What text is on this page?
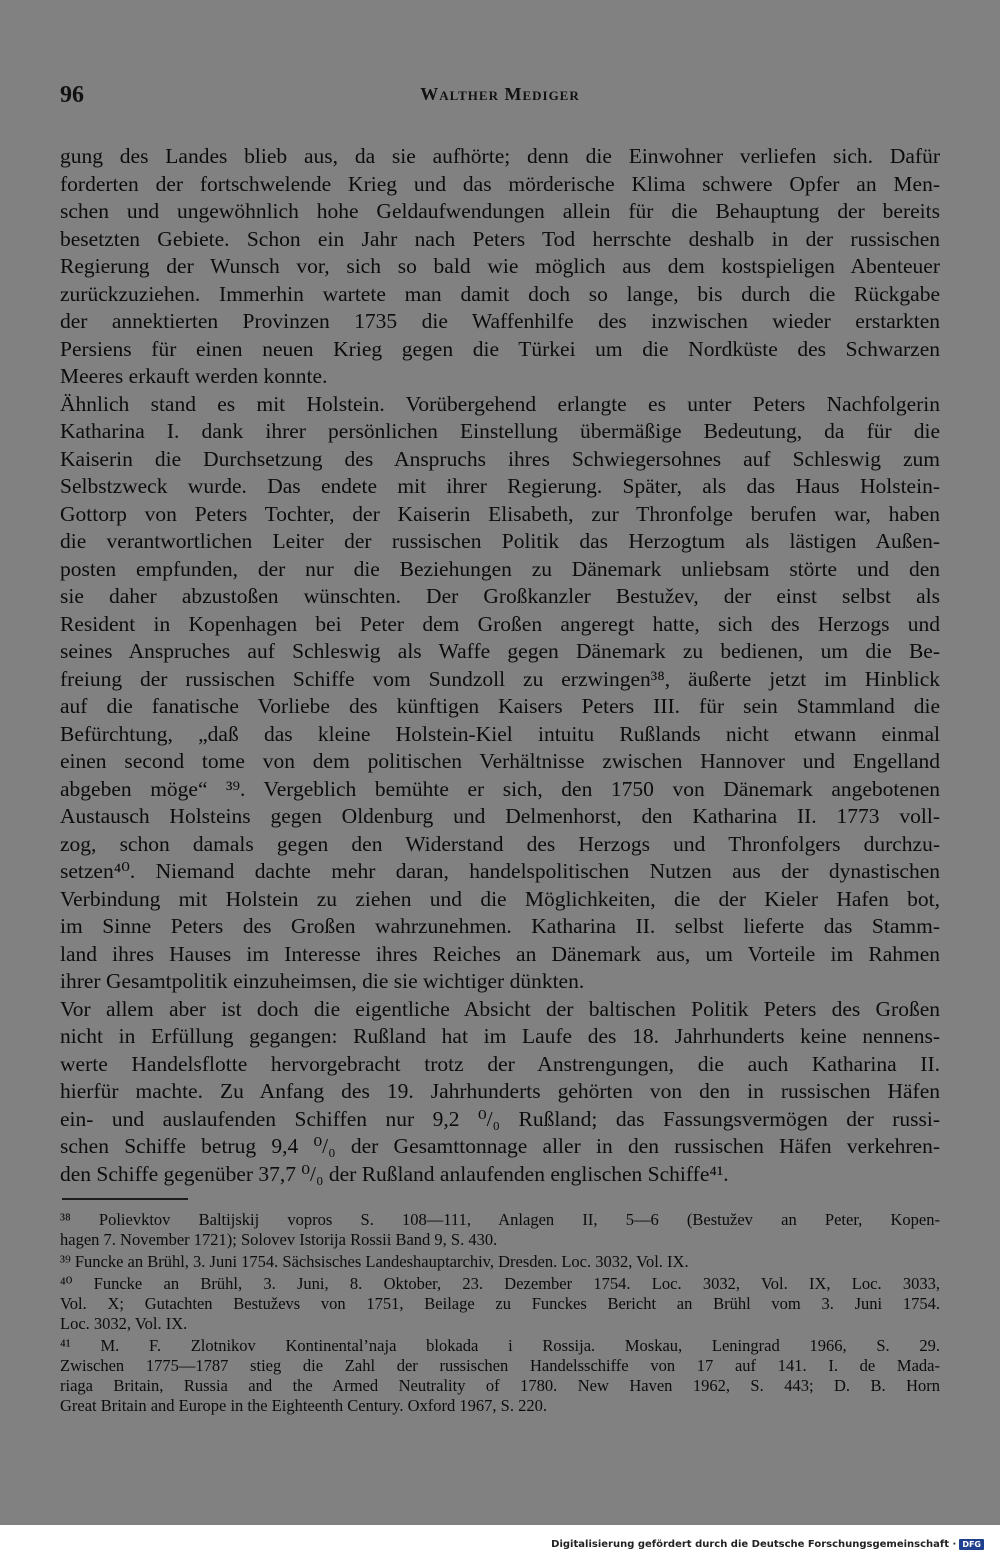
96	Walther Mediger
gung des Landes blieb aus, da sie aufhörte; denn die Einwohner verliefen sich. Dafür
forderten der fortschwelende Krieg und das mörderische Klima schwere Opfer an Men-
schen und ungewöhnlich hohe Geldaufwendungen allein für die Behauptung der bereits
besetzten Gebiete. Schon ein Jahr nach Peters Tod herrschte deshalb in der russischen
Regierung der Wunsch vor, sich so bald wie möglich aus dem kostspieligen Abenteuer
zurückzuziehen. Immerhin wartete man damit doch so lange, bis durch die Rückgabe
der annektierten Provinzen 1735 die Waffenhilfe des inzwischen wieder erstarkten
Persiens für einen neuen Krieg gegen die Türkei um die Nordküste des Schwarzen
Meeres erkauft werden konnte.
Ähnlich stand es mit Holstein. Vorübergehend erlangte es unter Peters Nachfolgerin
Katharina I. dank ihrer persönlichen Einstellung übermäßige Bedeutung, da für die
Kaiserin die Durchsetzung des Anspruchs ihres Schwiegersohnes auf Schleswig zum
Selbstzweck wurde. Das endete mit ihrer Regierung. Später, als das Haus Holstein-
Gottorp von Peters Tochter, der Kaiserin Elisabeth, zur Thronfolge berufen war, haben
die verantwortlichen Leiter der russischen Politik das Herzogtum als lästigen Außen-
posten empfunden, der nur die Beziehungen zu Dänemark unliebsam störte und den
sie daher abzustoßen wünschten. Der Großkanzler Bestužev, der einst selbst als
Resident in Kopenhagen bei Peter dem Großen angeregt hatte, sich des Herzogs und
seines Anspruches auf Schleswig als Waffe gegen Dänemark zu bedienen, um die Be-
freiung der russischen Schiffe vom Sundzoll zu erzwingen³⁸, äußerte jetzt im Hinblick
auf die fanatische Vorliebe des künftigen Kaisers Peters III. für sein Stammland die
Befürchtung, „daß das kleine Holstein-Kiel intuitu Rußlands nicht etwann einmal
einen second tome von dem politischen Verhältnisse zwischen Hannover und Engelland
abgeben möge“ ³⁹. Vergeblich bemühte er sich, den 1750 von Dänemark angebotenen
Austausch Holsteins gegen Oldenburg und Delmenhorst, den Katharina II. 1773 voll-
zog, schon damals gegen den Widerstand des Herzogs und Thronfolgers durchzu-
setzen⁴⁰. Niemand dachte mehr daran, handelspolitischen Nutzen aus der dynastischen
Verbindung mit Holstein zu ziehen und die Möglichkeiten, die der Kieler Hafen bot,
im Sinne Peters des Großen wahrzunehmen. Katharina II. selbst lieferte das Stamm-
land ihres Hauses im Interesse ihres Reiches an Dänemark aus, um Vorteile im Rahmen
ihrer Gesamtpolitik einzuheimsen, die sie wichtiger dünkten.
Vor allem aber ist doch die eigentliche Absicht der baltischen Politik Peters des Großen
nicht in Erfüllung gegangen: Rußland hat im Laufe des 18. Jahrhunderts keine nennens-
werte Handelsflotte hervorgebracht trotz der Anstrengungen, die auch Katharina II.
hierfür machte. Zu Anfang des 19. Jahrhunderts gehörten von den in russischen Häfen
ein- und auslaufenden Schiffen nur 9,2 ⁰/₀ Rußland; das Fassungsvermögen der russi-
schen Schiffe betrug 9,4 ⁰/₀ der Gesamttonnage aller in den russischen Häfen verkehren-
den Schiffe gegenüber 37,7 ⁰/₀ der Rußland anlaufenden englischen Schiffe⁴¹.
³⁸ Polievktov Baltijskij vopros S. 108—111, Anlagen II, 5—6 (Bestužev an Peter, Kopen-
hagen 7. November 1721); Solovev Istorija Rossii Band 9, S. 430.
³⁹ Funcke an Brühl, 3. Juni 1754. Sächsisches Landeshauptarchiv, Dresden. Loc. 3032, Vol. IX.
⁴⁰ Funcke an Brühl, 3. Juni, 8. Oktober, 23. Dezember 1754. Loc. 3032, Vol. IX, Loc. 3033,
Vol. X; Gutachten Bestuževs von 1751, Beilage zu Funckes Bericht an Brühl vom 3. Juni 1754.
Loc. 3032, Vol. IX.
⁴¹ M. F. Zlotnikov Kontinental’naja blokada i Rossija. Moskau, Leningrad 1966, S. 29.
Zwischen 1775—1787 stieg die Zahl der russischen Handelsschiffe von 17 auf 141. I. de Mada-
riaga Britain, Russia and the Armed Neutrality of 1780. New Haven 1962, S. 443; D. B. Horn
Great Britain and Europe in the Eighteenth Century. Oxford 1967, S. 220.
Digitalisierung gefördert durch die Deutsche Forschungsgemeinschaft · DFG
